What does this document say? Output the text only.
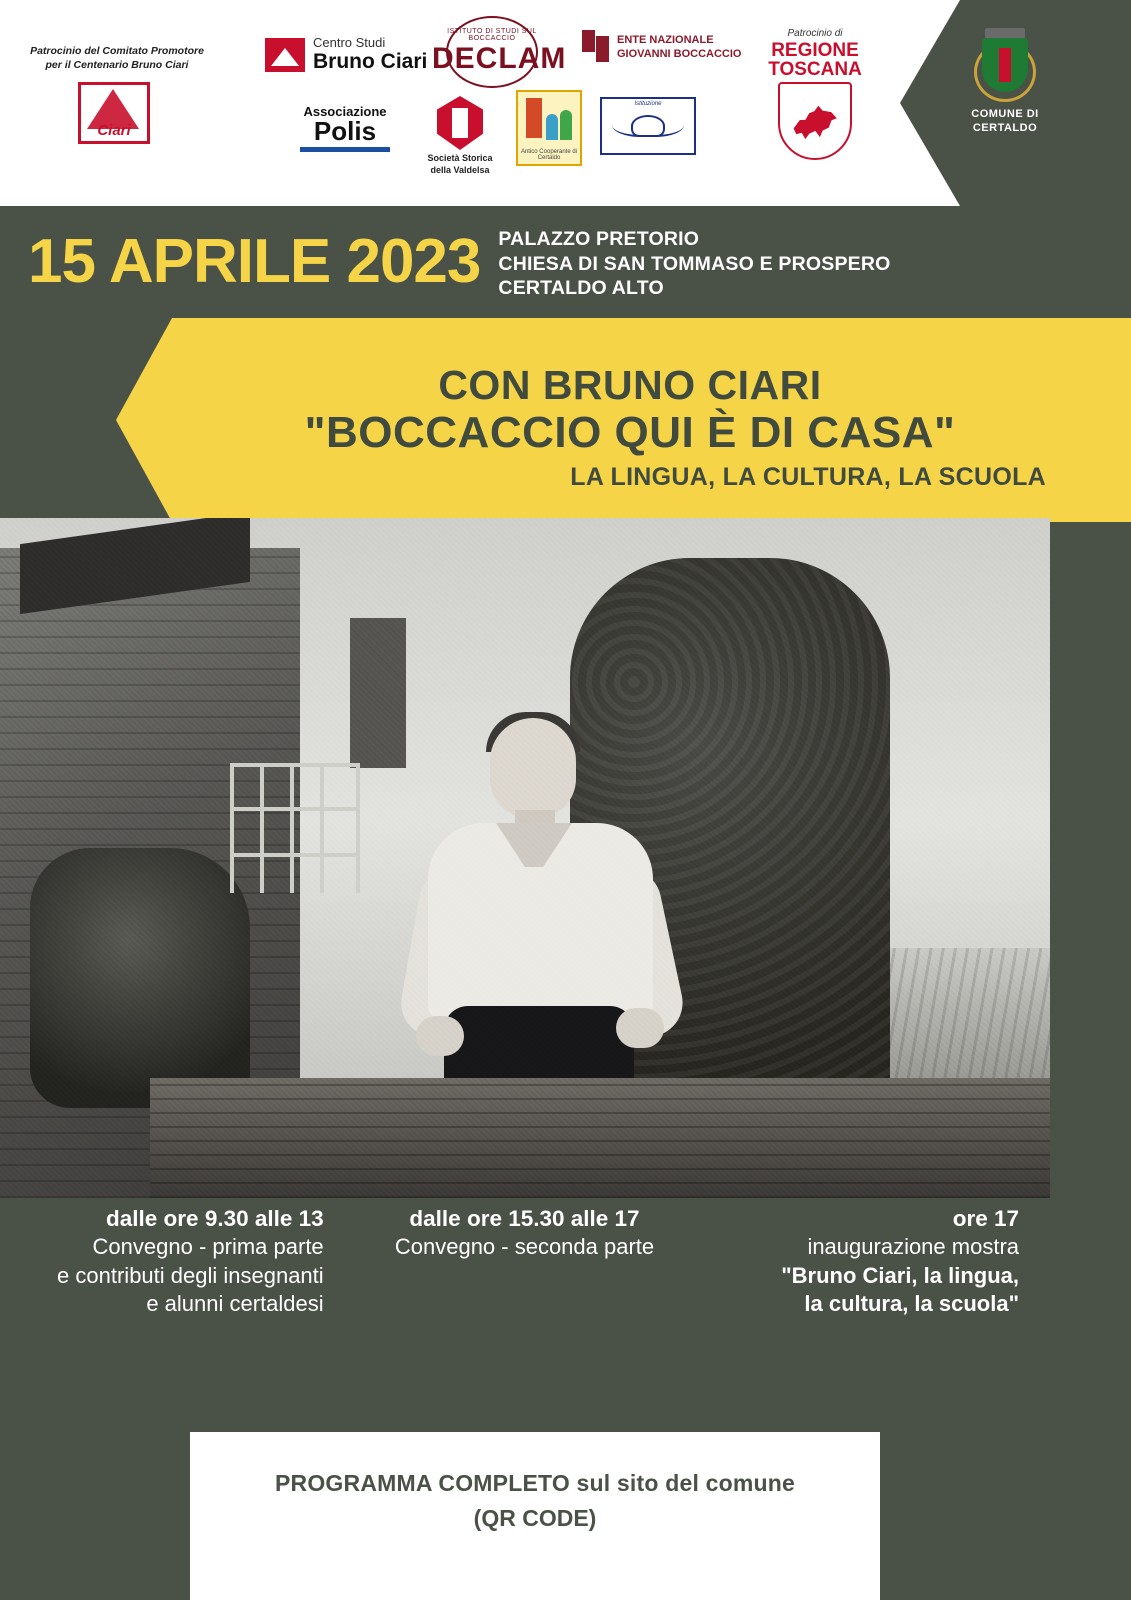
Patrocinio del Comitato Promotore
per il Centenario Bruno Ciari
Ciari
Centro Studi
Bruno Ciari
ISTITUTO DI STUDI SUL BOCCACCIO
DECLAM
ENTE NAZIONALE
GIOVANNI BOCCACCIO
Associazione
Polis
Società Storica
della Valdelsa
Antico Cooperante di Certaldo
Istituzione
Patrocinio di
REGIONE
TOSCANA
COMUNE DI
CERTALDO
15 APRILE 2023 PALAZZO PRETORIO
CHIESA DI SAN TOMMASO E PROSPERO
CERTALDO ALTO
CON BRUNO CIARI
"BOCCACCIO QUI È DI CASA"
LA LINGUA, LA CULTURA, LA SCUOLA
dalle ore 9.30 alle 13
Convegno - prima parte
e contributi degli insegnanti
e alunni certaldesi
dalle ore 15.30 alle 17
Convegno - seconda parte
ore 17
inaugurazione mostra
"Bruno Ciari, la lingua,
la cultura, la scuola"
PROGRAMMA COMPLETO sul sito del comune
(QR CODE)
